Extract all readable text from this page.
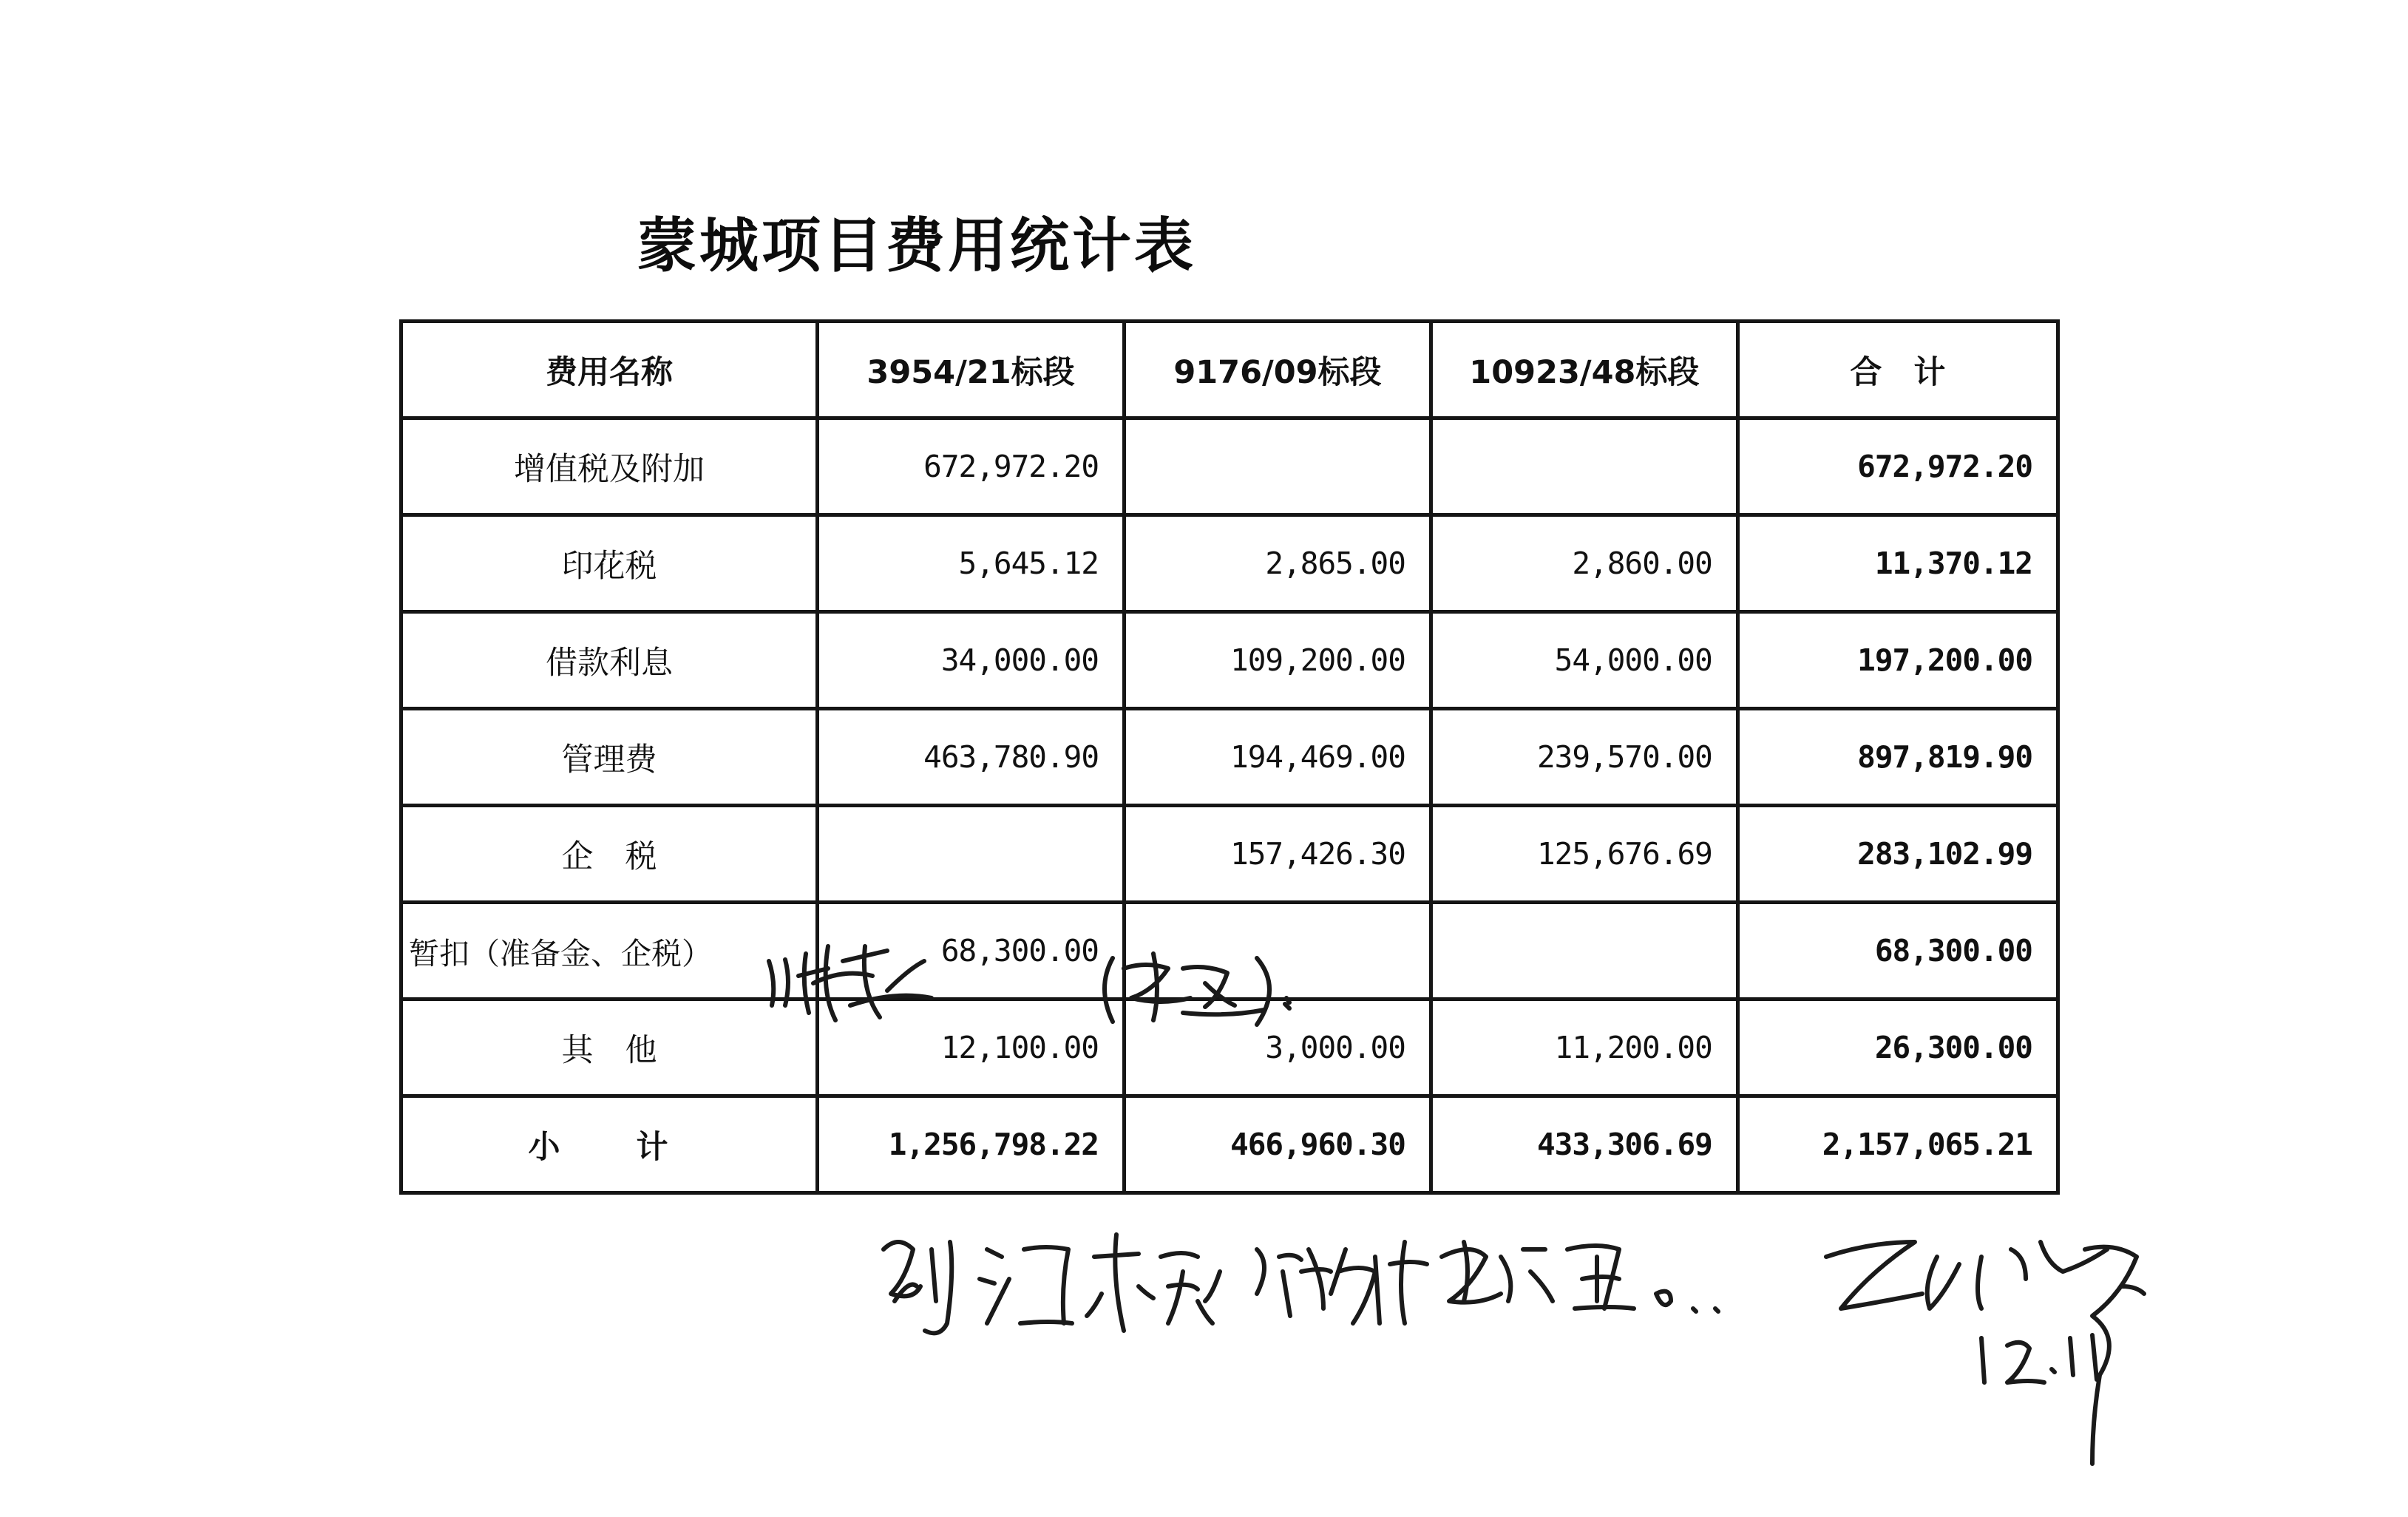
蒙城项目费用统计表
费用名称	3954/21标段	9176/09标段	10923/48标段	合　计
增值税及附加	672,972.20			672,972.20
印花税	5,645.12	2,865.00	2,860.00	11,370.12
借款利息	34,000.00	109,200.00	54,000.00	197,200.00
管理费	463,780.90	194,469.00	239,570.00	897,819.90
企　税		157,426.30	125,676.69	283,102.99
暂扣（准备金、企税）	68,300.00			68,300.00
其　他	12,100.00	3,000.00	11,200.00	26,300.00
小　计	1,256,798.22	466,960.30	433,306.69	2,157,065.21
